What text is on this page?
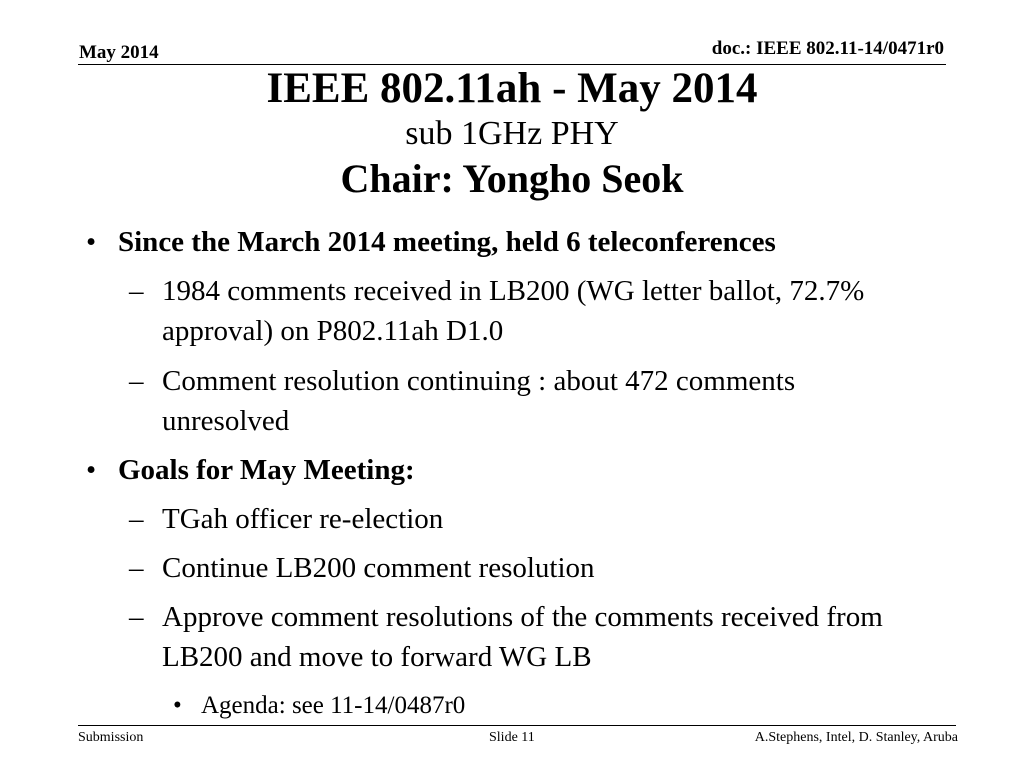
May 2014	doc.: IEEE 802.11-14/0471r0
IEEE 802.11ah - May 2014
sub 1GHz PHY
Chair: Yongho Seok
• Since the March 2014 meeting, held 6 teleconferences
– 1984 comments received in LB200 (WG letter ballot, 72.7%
approval) on P802.11ah D1.0
– Comment resolution continuing : about 472 comments
unresolved
• Goals for May Meeting:
– TGah officer re-election
– Continue LB200 comment resolution
– Approve comment resolutions of the comments received from
LB200 and move to forward WG LB
• Agenda: see 11-14/0487r0
Submission	Slide 11	A.Stephens, Intel, D. Stanley, Aruba
